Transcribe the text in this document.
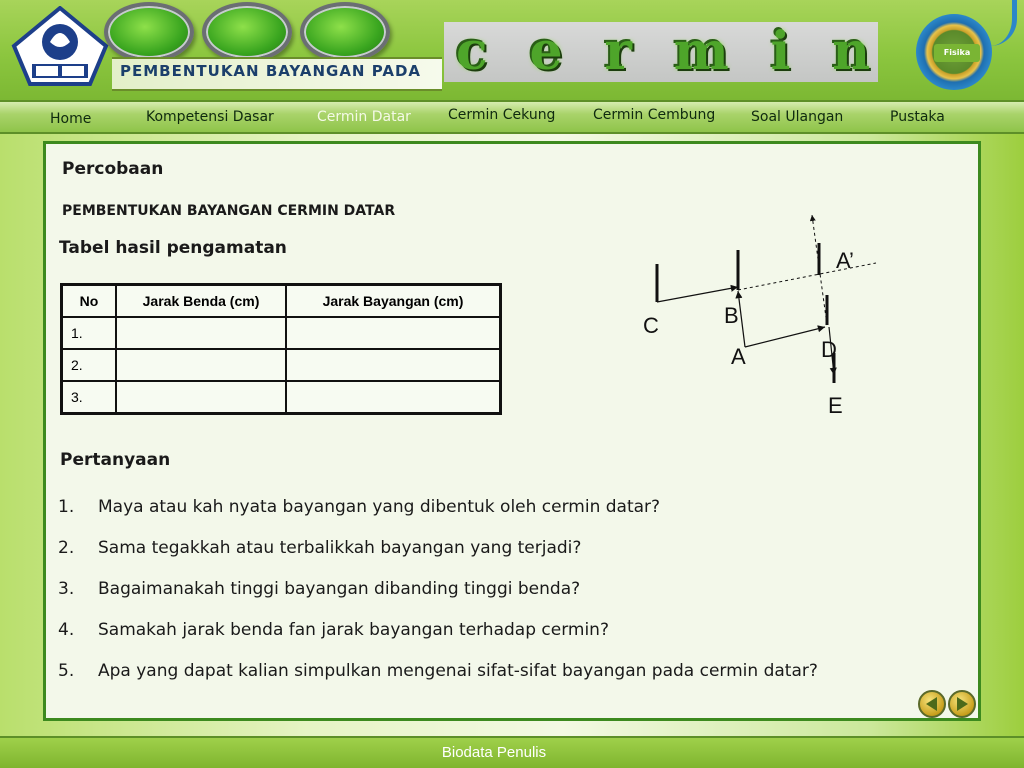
PEMBENTUKAN BAYANGAN PADA c e r m i n	Fisika
Home	Kompetensi Dasar	Cermin Datar	Cermin Cekung	Cermin Cembung	Soal Ulangan	Pustaka
Percobaan
PEMBENTUKAN BAYANGAN CERMIN DATAR
Tabel hasil pengamatan
No	Jarak Benda (cm)	Jarak Bayangan (cm)
1.		
2.		
3.		
A’
B
C
A	D
E
Pertanyaan
1. Maya atau kah nyata bayangan yang dibentuk oleh cermin datar?
2. Sama tegakkah atau terbalikkah bayangan yang terjadi?
3. Bagaimanakah tinggi bayangan dibanding tinggi benda?
4. Samakah jarak benda fan jarak bayangan terhadap cermin?
5. Apa yang dapat kalian simpulkan mengenai sifat-sifat bayangan pada cermin datar?
Biodata Penulis
